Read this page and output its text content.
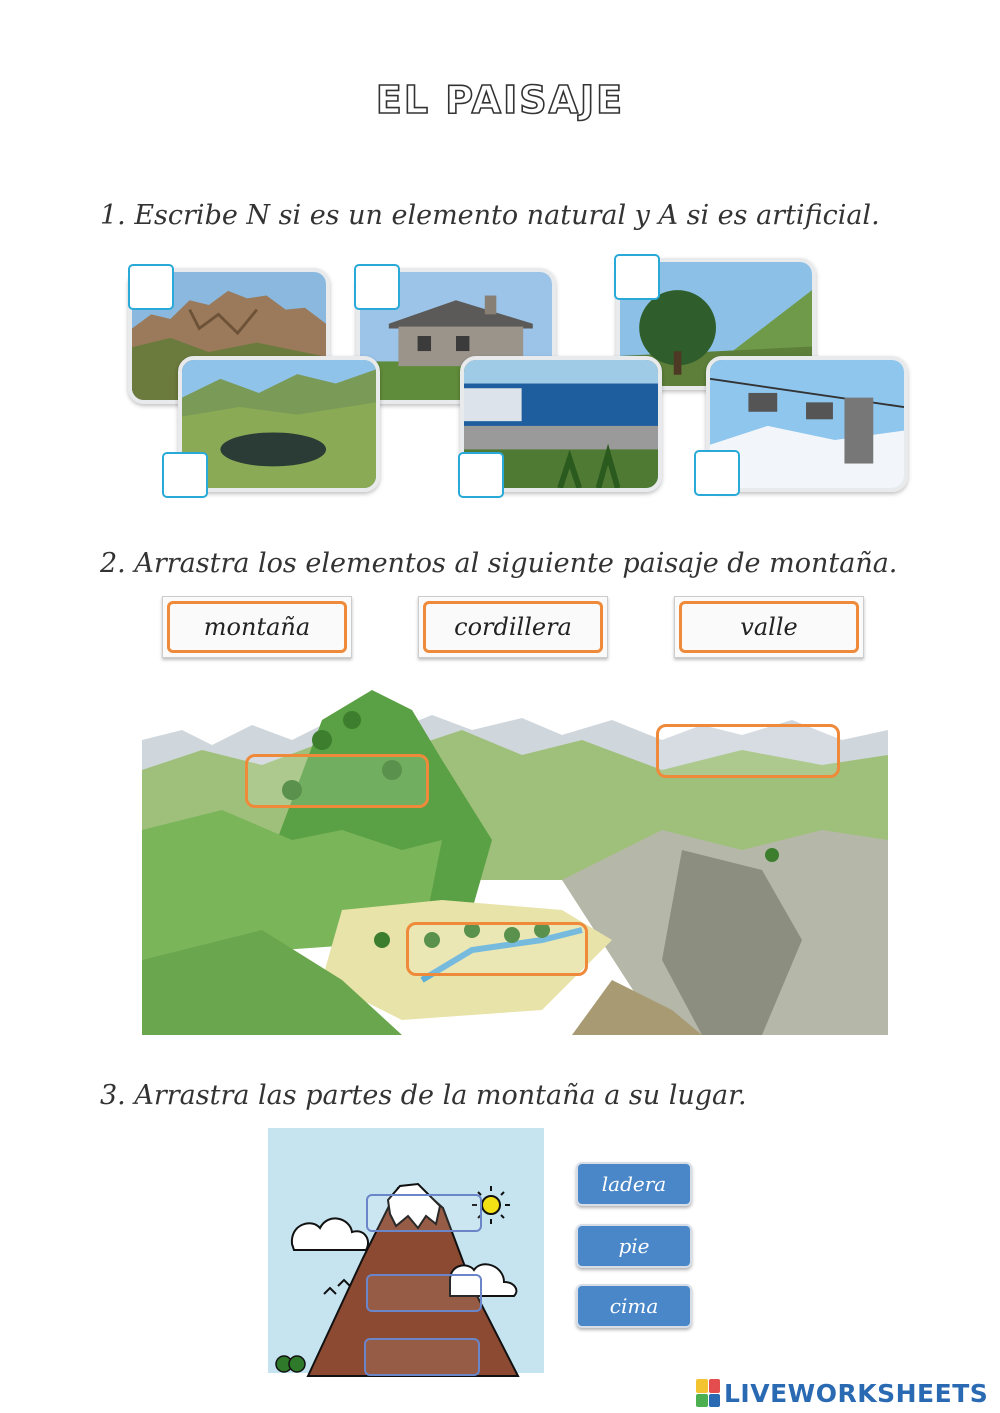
EL PAISAJE
1. Escribe N si es un elemento natural y A si es artificial.
2. Arrastra los elementos al siguiente paisaje de montaña.
montaña	cordillera	valle
3. Arrastra las partes de la montaña a su lugar.
ladera
pie
cima
LIVEWORKSHEETS
